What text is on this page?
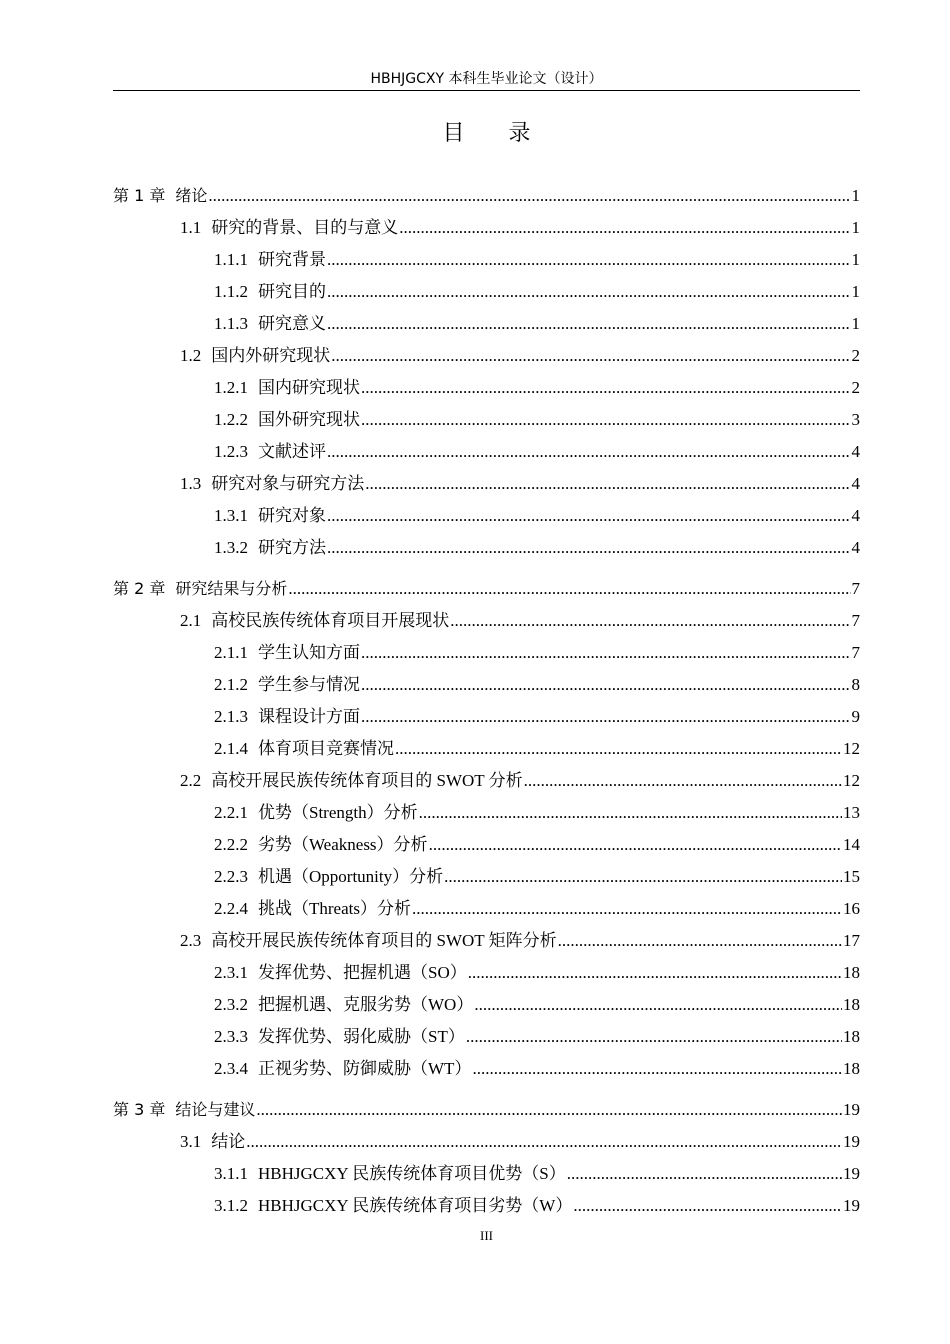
HBHJGCXY 本科生毕业论文（设计）
目录
第 1 章 绪论 .....	1
1.1 研究的背景、目的与意义 .....	1
1.1.1 研究背景 .....	1
1.1.2 研究目的 .....	1
1.1.3 研究意义 .....	1
1.2 国内外研究现状 .....	2
1.2.1 国内研究现状 .....	2
1.2.2 国外研究现状 .....	3
1.2.3 文献述评 .....	4
1.3 研究对象与研究方法 .....	4
1.3.1 研究对象 .....	4
1.3.2 研究方法 .....	4
第 2 章 研究结果与分析 .....	7
2.1 高校民族传统体育项目开展现状 .....	7
2.1.1 学生认知方面 .....	7
2.1.2 学生参与情况 .....	8
2.1.3 课程设计方面 .....	9
2.1.4 体育项目竞赛情况 .....	12
2.2 高校开展民族传统体育项目的 SWOT 分析 .....	12
2.2.1 优势（Strength）分析 .....	13
2.2.2 劣势（Weakness）分析 .....	14
2.2.3 机遇（Opportunity）分析 .....	15
2.2.4 挑战（Threats）分析 .....	16
2.3 高校开展民族传统体育项目的 SWOT 矩阵分析 .....	17
2.3.1 发挥优势、把握机遇（SO） .....	18
2.3.2 把握机遇、克服劣势（WO） .....	18
2.3.3 发挥优势、弱化威胁（ST） .....	18
2.3.4 正视劣势、防御威胁（WT） .....	18
第 3 章 结论与建议 .....	19
3.1 结论 .....	19
3.1.1 HBHJGCXY 民族传统体育项目优势（S） .....	19
3.1.2 HBHJGCXY 民族传统体育项目劣势（W） .....	19
III
